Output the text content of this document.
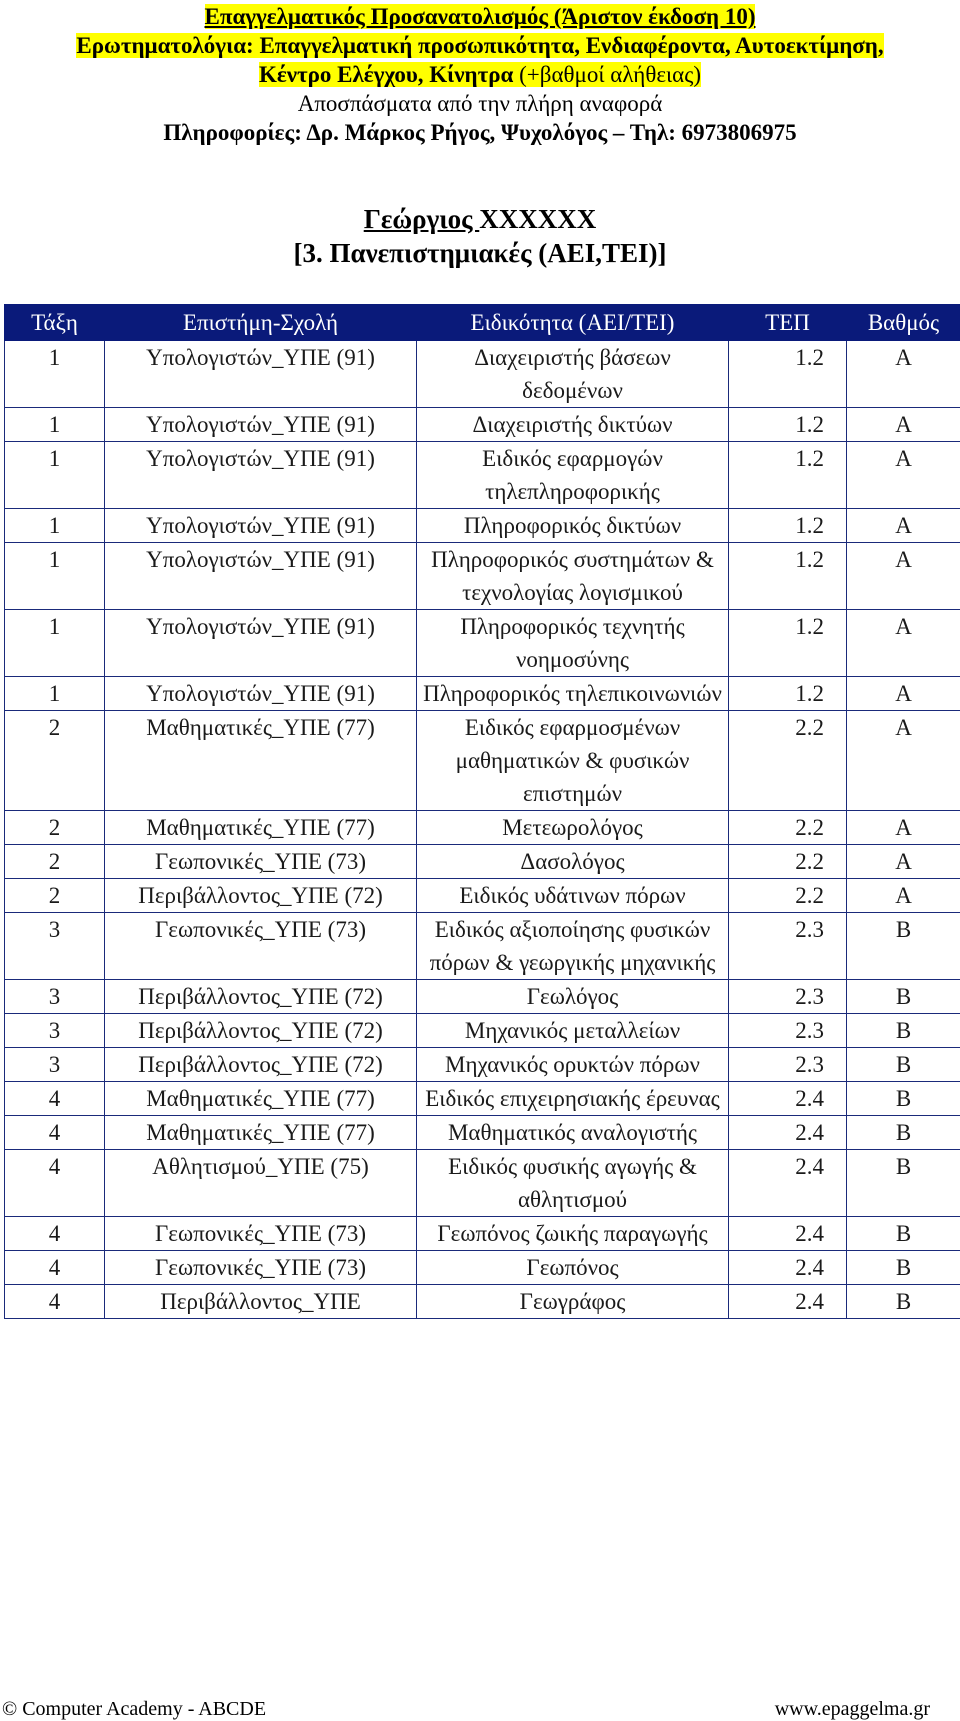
Επαγγελματικός Προσανατολισμός (Άριστον έκδοση 10)
Ερωτηματολόγια: Επαγγελματική προσωπικότητα, Ενδιαφέροντα, Αυτοεκτίμηση,
Κέντρο Ελέγχου, Κίνητρα (+βαθμοί αλήθειας)
Αποσπάσματα από την πλήρη αναφορά
Πληροφορίες: Δρ. Μάρκος Ρήγος, Ψυχολόγος – Τηλ: 6973806975
Γεώργιος ΧΧΧΧΧΧ
[3. Πανεπιστημιακές (ΑΕΙ,ΤΕΙ)]
Τάξη	Επιστήμη-Σχολή	Ειδικότητα (ΑΕΙ/ΤΕΙ)	ΤΕΠ	Βαθμός
1	Υπολογιστών_ΥΠΕ (91)	Διαχειριστής βάσεων δεδομένων	1.2	Α
1	Υπολογιστών_ΥΠΕ (91)	Διαχειριστής δικτύων	1.2	Α
1	Υπολογιστών_ΥΠΕ (91)	Ειδικός εφαρμογών τηλεπληροφορικής	1.2	Α
1	Υπολογιστών_ΥΠΕ (91)	Πληροφορικός δικτύων	1.2	Α
1	Υπολογιστών_ΥΠΕ (91)	Πληροφορικός συστημάτων & τεχνολογίας λογισμικού	1.2	Α
1	Υπολογιστών_ΥΠΕ (91)	Πληροφορικός τεχνητής νοημοσύνης	1.2	Α
1	Υπολογιστών_ΥΠΕ (91)	Πληροφορικός τηλεπικοινωνιών	1.2	Α
2	Μαθηματικές_ΥΠΕ (77)	Ειδικός εφαρμοσμένων μαθηματικών & φυσικών επιστημών	2.2	Α
2	Μαθηματικές_ΥΠΕ (77)	Μετεωρολόγος	2.2	Α
2	Γεωπονικές_ΥΠΕ (73)	Δασολόγος	2.2	Α
2	Περιβάλλοντος_ΥΠΕ (72)	Ειδικός υδάτινων πόρων	2.2	Α
3	Γεωπονικές_ΥΠΕ (73)	Ειδικός αξιοποίησης φυσικών πόρων & γεωργικής μηχανικής	2.3	Β
3	Περιβάλλοντος_ΥΠΕ (72)	Γεωλόγος	2.3	Β
3	Περιβάλλοντος_ΥΠΕ (72)	Μηχανικός μεταλλείων	2.3	Β
3	Περιβάλλοντος_ΥΠΕ (72)	Μηχανικός ορυκτών πόρων	2.3	Β
4	Μαθηματικές_ΥΠΕ (77)	Ειδικός επιχειρησιακής έρευνας	2.4	Β
4	Μαθηματικές_ΥΠΕ (77)	Μαθηματικός αναλογιστής	2.4	Β
4	Αθλητισμού_ΥΠΕ (75)	Ειδικός φυσικής αγωγής & αθλητισμού	2.4	Β
4	Γεωπονικές_ΥΠΕ (73)	Γεωπόνος ζωικής παραγωγής	2.4	Β
4	Γεωπονικές_ΥΠΕ (73)	Γεωπόνος	2.4	Β
4	Περιβάλλοντος_ΥΠΕ	Γεωγράφος	2.4	Β
© Computer Academy - ABCDE	www.epaggelma.gr
